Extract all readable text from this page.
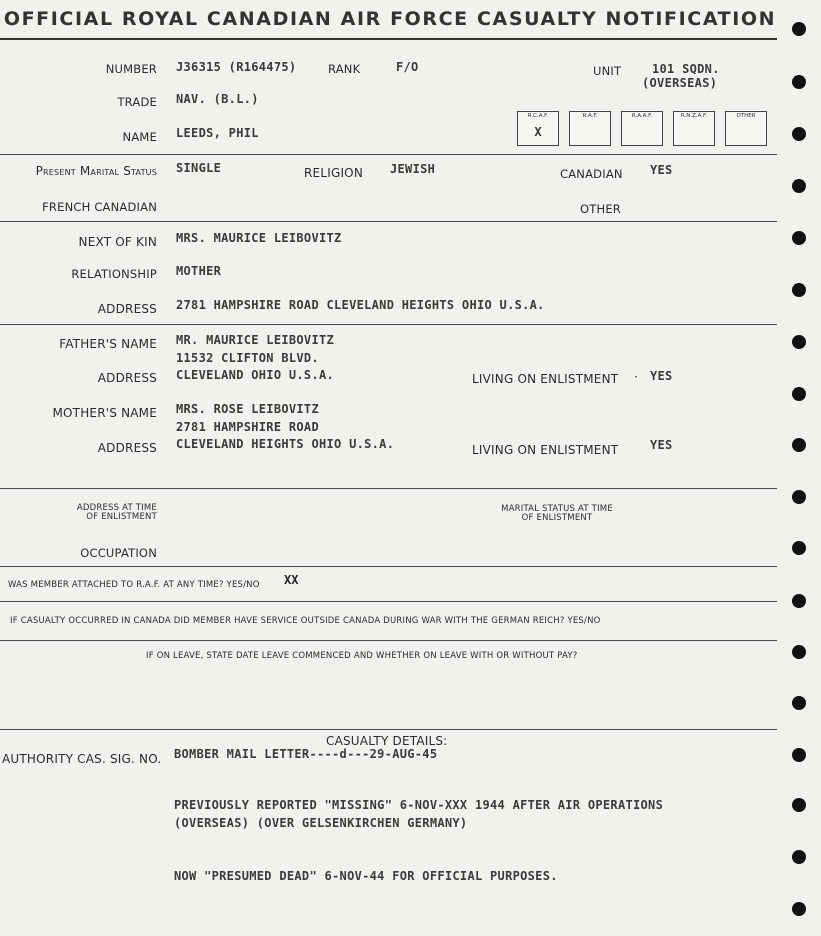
OFFICIAL ROYAL CANADIAN AIR FORCE CASUALTY NOTIFICATION
NUMBER J36315 (R164475)	RANK	F/O	UNIT	101 SQDN.
(OVERSEAS)
TRADE NAV. (B.L.)
NAME LEEDS, PHIL
R.C.A.F.
X
R.A.F.	R.A.A.F.	R.N.Z.A.F.	OTHER
Present Marital Status SINGLE	RELIGION JEWISH	CANADIAN YES
FRENCH CANADIAN	OTHER
NEXT OF KIN MRS. MAURICE LEIBOVITZ
RELATIONSHIP MOTHER
ADDRESS 2781 HAMPSHIRE ROAD CLEVELAND HEIGHTS OHIO U.S.A.
FATHER'S NAME MR. MAURICE LEIBOVITZ
11532 CLIFTON BLVD.
ADDRESS CLEVELAND OHIO U.S.A.	LIVING ON ENLISTMENT · YES
MOTHER'S NAME MRS. ROSE LEIBOVITZ
2781 HAMPSHIRE ROAD
ADDRESS CLEVELAND HEIGHTS OHIO U.S.A.	LIVING ON ENLISTMENT	YES
ADDRESS AT TIME
OF ENLISTMENT
MARITAL STATUS AT TIME
OF ENLISTMENT
OCCUPATION
WAS MEMBER ATTACHED TO R.A.F. AT ANY TIME? YES/NO XX
IF CASUALTY OCCURRED IN CANADA DID MEMBER HAVE SERVICE OUTSIDE CANADA DURING WAR WITH THE GERMAN REICH? YES/NO
IF ON LEAVE, STATE DATE LEAVE COMMENCED AND WHETHER ON LEAVE WITH OR WITHOUT PAY?
CASUALTY DETAILS:
AUTHORITY CAS. SIG. NO. BOMBER MAIL LETTER----d---29-AUG-45
PREVIOUSLY REPORTED "MISSING" 6-NOV-XXX 1944 AFTER AIR OPERATIONS
(OVERSEAS) (OVER GELSENKIRCHEN GERMANY)
NOW "PRESUMED DEAD" 6-NOV-44 FOR OFFICIAL PURPOSES.
